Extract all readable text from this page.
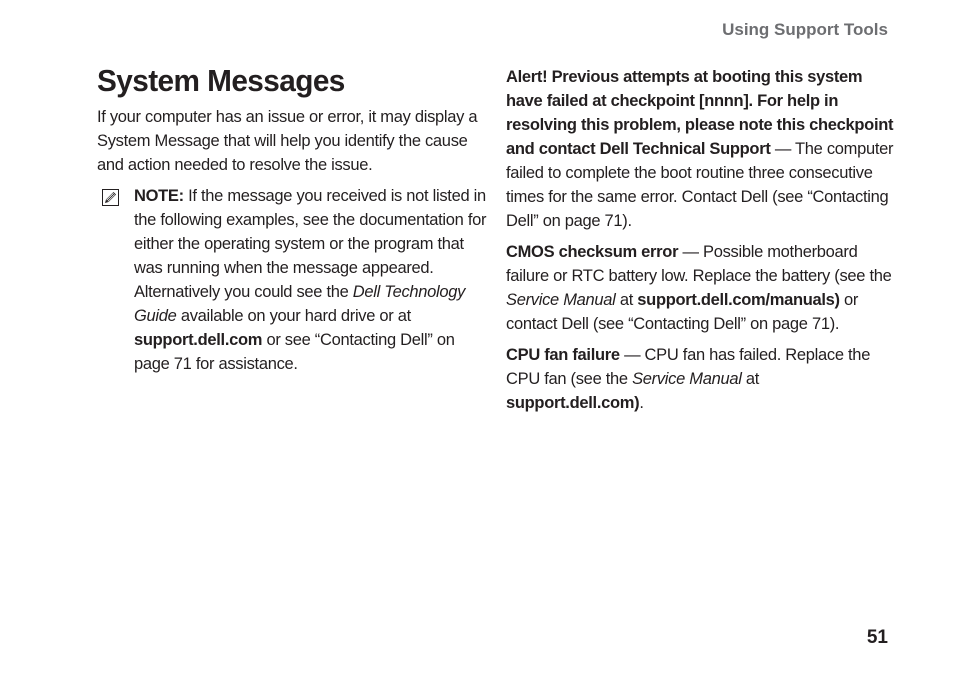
Using Support Tools
System Messages

If your computer has an issue or error, it may display a System Message that will help you identify the cause and action needed to resolve the issue.

NOTE: If the message you received is not listed in the following examples, see the documentation for either the operating system or the program that was running when the message appeared. Alternatively you could see the Dell Technology Guide available on your hard drive or at support.dell.com or see “Contacting Dell” on page 71 for assistance.

Alert! Previous attempts at booting this system have failed at checkpoint [nnnn]. For help in resolving this problem, please note this checkpoint and contact Dell Technical Support — The computer failed to complete the boot routine three consecutive times for the same error. Contact Dell (see “Contacting Dell” on page 71).

CMOS checksum error — Possible motherboard failure or RTC battery low. Replace the battery (see the Service Manual at support.dell.com/manuals) or contact Dell (see “Contacting Dell” on page 71).

CPU fan failure — CPU fan has failed. Replace the CPU fan (see the Service Manual at support.dell.com).

51
